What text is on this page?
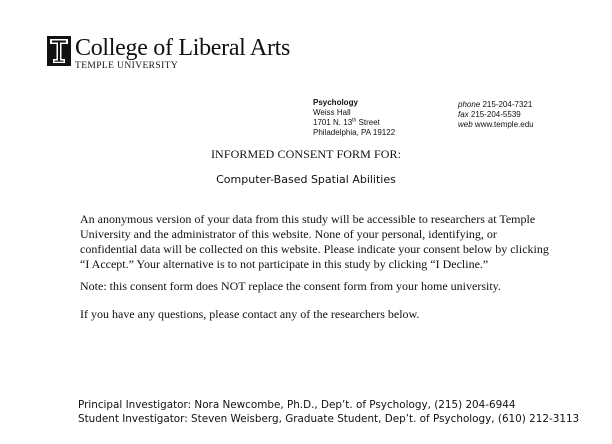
College of Liberal Arts
TEMPLE UNIVERSITY
Psychology
Weiss Hall
1701 N. 13th Street
Philadelphia, PA 19122
phone 215-204-7321
fax 215-204-5539
web www.temple.edu
INFORMED CONSENT FORM FOR:
Computer-Based Spatial Abilities
An anonymous version of your data from this study will be accessible to researchers at Temple University and the administrator of this website. None of your personal, identifying, or confidential data will be collected on this website. Please indicate your consent below by clicking “I Accept.” Your alternative is to not participate in this study by clicking “I Decline.”
Note: this consent form does NOT replace the consent form from your home university.
If you have any questions, please contact any of the researchers below.
Principal Investigator: Nora Newcombe, Ph.D., Dep’t. of Psychology, (215) 204-6944
Student Investigator: Steven Weisberg, Graduate Student, Dep’t. of Psychology, (610) 212-3113
